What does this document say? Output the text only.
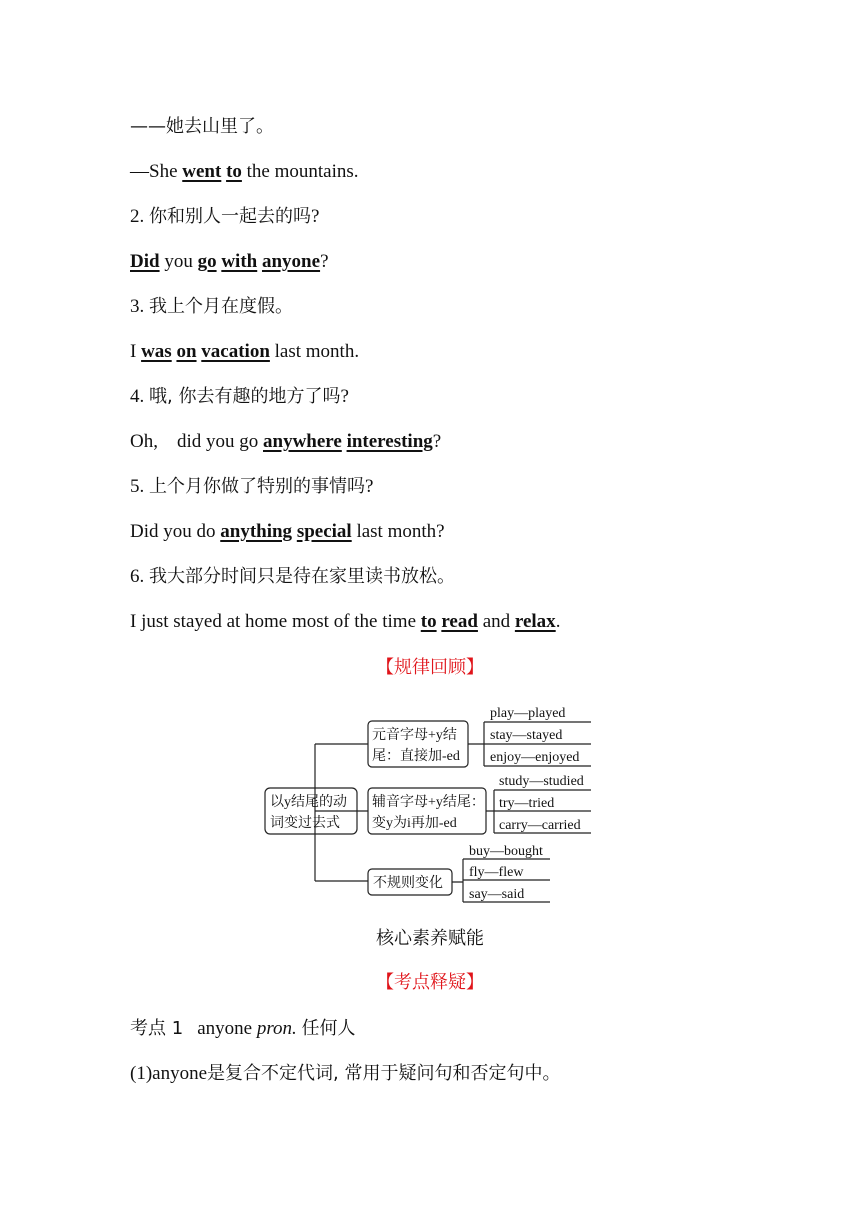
——她去山里了。
—She went to the mountains.
2. 你和别人一起去的吗?
Did you go with anyone?
3. 我上个月在度假。
I was on vacation last month.
4. 哦, 你去有趣的地方了吗?
Oh,    did you go anywhere interesting?
5. 上个月你做了特别的事情吗?
Did you do anything special last month?
6. 我大部分时间只是待在家里读书放松。
I just stayed at home most of the time to read and relax.
【规律回顾】
以y结尾的动
词变过去式
元音字母+y结
尾：直接加-ed
辅音字母+y结尾：
变y为i再加-ed
不规则变化
play—played
stay—stayed
enjoy—enjoyed
study—studied
try—tried
carry—carried
buy—bought
fly—flew
say—said
核心素养赋能
【考点释疑】
考点 1 anyone pron. 任何人
(1)anyone是复合不定代词, 常用于疑问句和否定句中。
